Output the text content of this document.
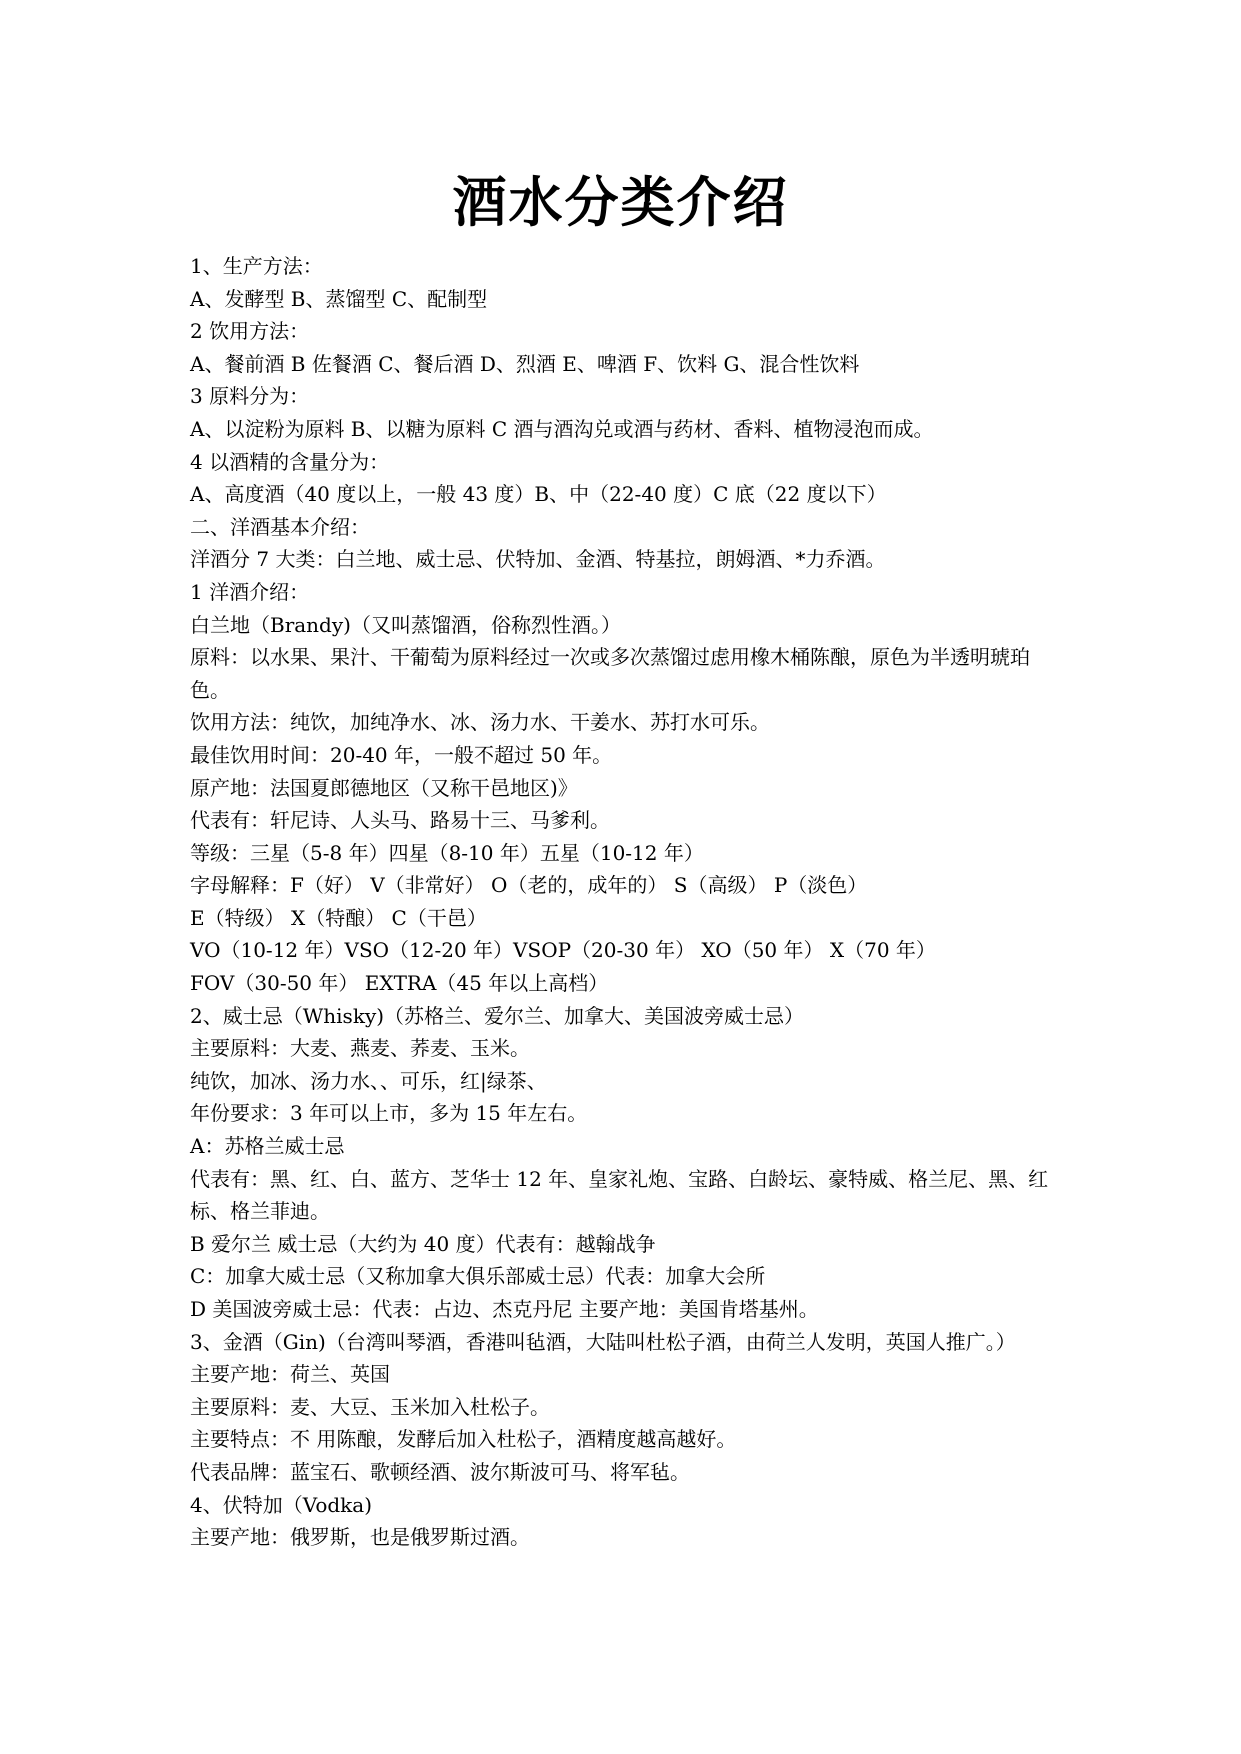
酒水分类介绍

1、生产方法：

A、发酵型 B、蒸馏型 C、配制型

2 饮用方法：

A、餐前酒 B 佐餐酒 C、餐后酒 D、烈酒 E、啤酒 F、饮料 G、混合性饮料

3 原料分为：

A、以淀粉为原料 B、以糖为原料 C 酒与酒沟兑或酒与药材、香料、植物浸泡而成。

4 以酒精的含量分为：

A、高度酒（40 度以上，一般 43 度）B、中（22-40 度）C 底（22 度以下）

二、洋酒基本介绍：

洋酒分 7 大类：白兰地、威士忌、伏特加、金酒、特基拉，朗姆酒、*力乔酒。

1 洋酒介绍：

白兰地（Brandy)（又叫蒸馏酒，俗称烈性酒。）

原料：以水果、果汁、干葡萄为原料经过一次或多次蒸馏过虑用橡木桶陈酿，原色为半透明琥珀色。

饮用方法：纯饮，加纯净水、冰、汤力水、干姜水、苏打水可乐。

最佳饮用时间：20-40 年，一般不超过 50 年。

原产地：法国夏郎德地区（又称干邑地区)》

代表有：轩尼诗、人头马、路易十三、马爹利。

等级：三星（5-8 年）四星（8-10 年）五星（10-12 年）

字母解释：F（好） V（非常好） O（老的，成年的） S（高级） P（淡色）

E（特级） X（特酿） C（干邑）

VO（10-12 年）VSO（12-20 年）VSOP（20-30 年） XO（50 年） X（70 年）

FOV（30-50 年） EXTRA（45 年以上高档）

2、威士忌（Whisky)（苏格兰、爱尔兰、加拿大、美国波旁威士忌）

主要原料：大麦、燕麦、荞麦、玉米。

纯饮，加冰、汤力水、、可乐，红|绿茶、

年份要求：3 年可以上市，多为 15 年左右。

A：苏格兰威士忌

代表有：黑、红、白、蓝方、芝华士 12 年、皇家礼炮、宝路、白龄坛、豪特威、格兰尼、黑、红标、格兰菲迪。

B 爱尔兰 威士忌（大约为 40 度）代表有：越翰战争

C：加拿大威士忌（又称加拿大俱乐部威士忌）代表：加拿大会所

D 美国波旁威士忌：代表：占边、杰克丹尼 主要产地：美国肯塔基州。

3、金酒（Gin)（台湾叫琴酒，香港叫毡酒，大陆叫杜松子酒，由荷兰人发明，英国人推广。）

主要产地：荷兰、英国

主要原料：麦、大豆、玉米加入杜松子。

主要特点：不 用陈酿，发酵后加入杜松子，酒精度越高越好。

代表品牌：蓝宝石、歌顿经酒、波尔斯波可马、将军毡。

4、伏特加（Vodka)

主要产地：俄罗斯，也是俄罗斯过酒。
